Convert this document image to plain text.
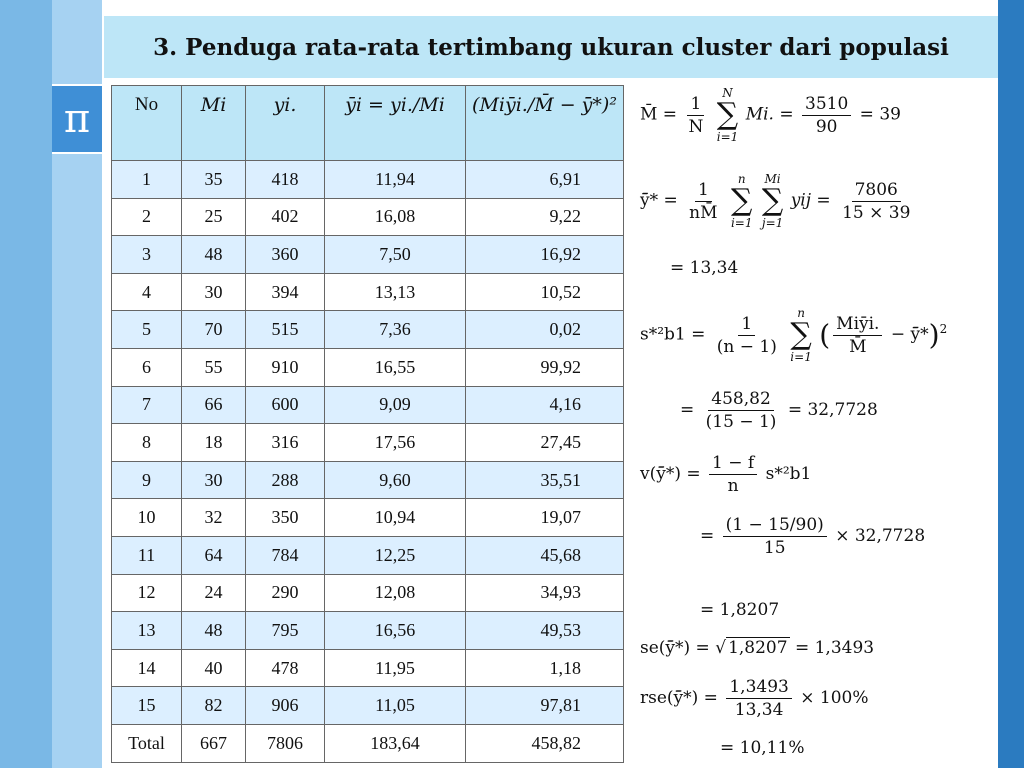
3. Penduga rata-rata tertimbang ukuran cluster dari populasi
π No	Mi	yi.	ȳi = yi./Mi	(Miȳi./M̄ − ȳ̄*)²
1	35	418	11,94	6,91
2	25	402	16,08	9,22
3	48	360	7,50	16,92
4	30	394	13,13	10,52
5	70	515	7,36	0,02
6	55	910	16,55	99,92
7	66	600	9,09	4,16
8	18	316	17,56	27,45
9	30	288	9,60	35,51
10	32	350	10,94	19,07
11	64	784	12,25	45,68
12	24	290	12,08	34,93
13	48	795	16,56	49,53
14	40	478	11,95	1,18
15	82	906	11,05	97,81
Total	667	7806	183,64	458,82
M̄ = $\frac{1}{N}$
N
∑
i=1
Mi. = $\frac{3510}{90} = 39$
ȳ̄* = $\frac{1}{nM̄}$
n
∑
i=1

Mi
∑
j=1
yij = $\frac{7806}{15 \times 39}$
= 13,34
$s*^2b1 = \frac{1}{(n - 1)}$
n
∑
i=1
( $\frac{\text{Miȳi.}}{M̄}$ − ȳ̄*)$^2$
= $\frac{458,82}{(15 - 1)} = 32,7728$
v(ȳ̄*) = $\frac{1 - f}{n} s*^2b1$
= $\frac{(1 - 15/90)}{15} \times 32,7728$
= 1,8207
se(ȳ̄*) = √ 1,8207 = 1,3493
rse(ȳ̄*) = $\frac{1,3493}{13,34} \times 100\%$
= 10,11%
